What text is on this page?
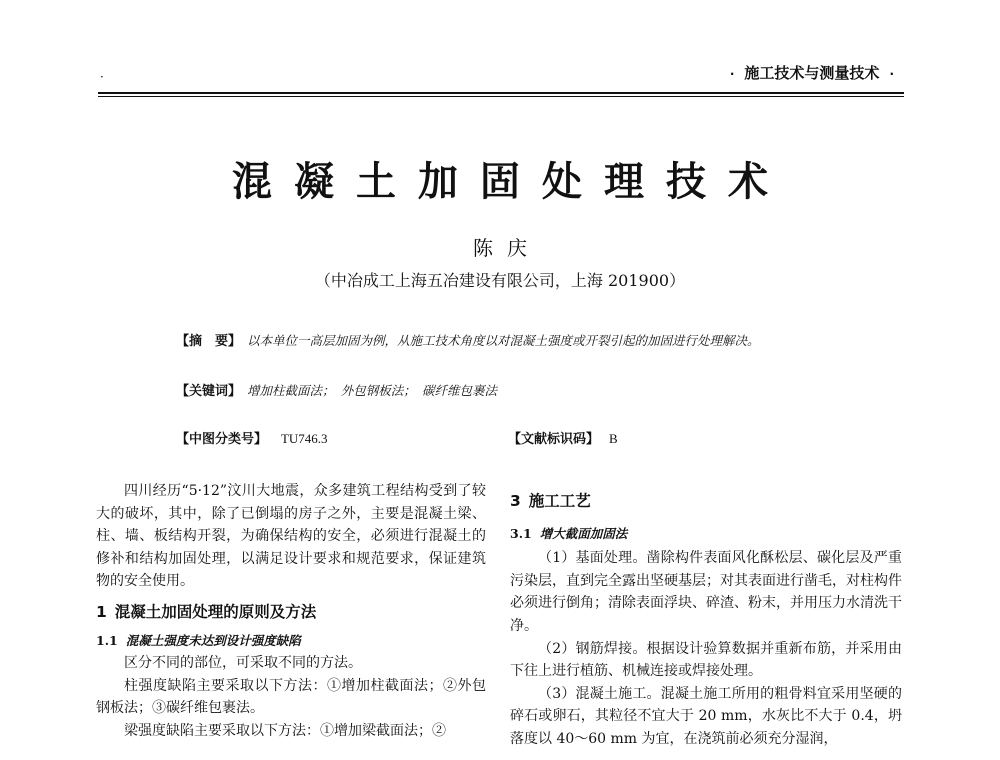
·	· 施工技术与测量技术 ·
混凝土加固处理技术
陈庆
（中冶成工上海五冶建设有限公司，上海 201900）
【摘　要】 以本单位一高层加固为例，从施工技术角度以对混凝土强度或开裂引起的加固进行处理解决。
【关键词】 增加柱截面法；　外包钢板法；　碳纤维包裹法
【中图分类号】 TU746.3	【文献标识码】 B

四川经历“5·12”汶川大地震，众多建筑工程结构受到了较大的破坏，其中，除了已倒塌的房子之外，主要是混凝土梁、柱、墙、板结构开裂，为确保结构的安全，必须进行混凝土的修补和结构加固处理，以满足设计要求和规范要求，保证建筑物的安全使用。

1 混凝土加固处理的原则及方法

1.1 混凝土强度未达到设计强度缺陷

区分不同的部位，可采取不同的方法。

柱强度缺陷主要采取以下方法：①增加柱截面法；②外包钢板法；③碳纤维包裹法。

梁强度缺陷主要采取以下方法：①增加梁截面法；②

3 施工工艺

3.1 增大截面加固法

（1）基面处理。凿除构件表面风化酥松层、碳化层及严重污染层，直到完全露出坚硬基层；对其表面进行凿毛，对柱构件必须进行倒角；清除表面浮块、碎渣、粉末，并用压力水清洗干净。

（2）钢筋焊接。根据设计验算数据并重新布筋，并采用由下往上进行植筋、机械连接或焊接处理。

（3）混凝土施工。混凝土施工所用的粗骨料宜采用坚硬的碎石或卵石，其粒径不宜大于 20 mm，水灰比不大于 0.4，坍落度以 40～60 mm 为宜，在浇筑前必须充分湿润，
